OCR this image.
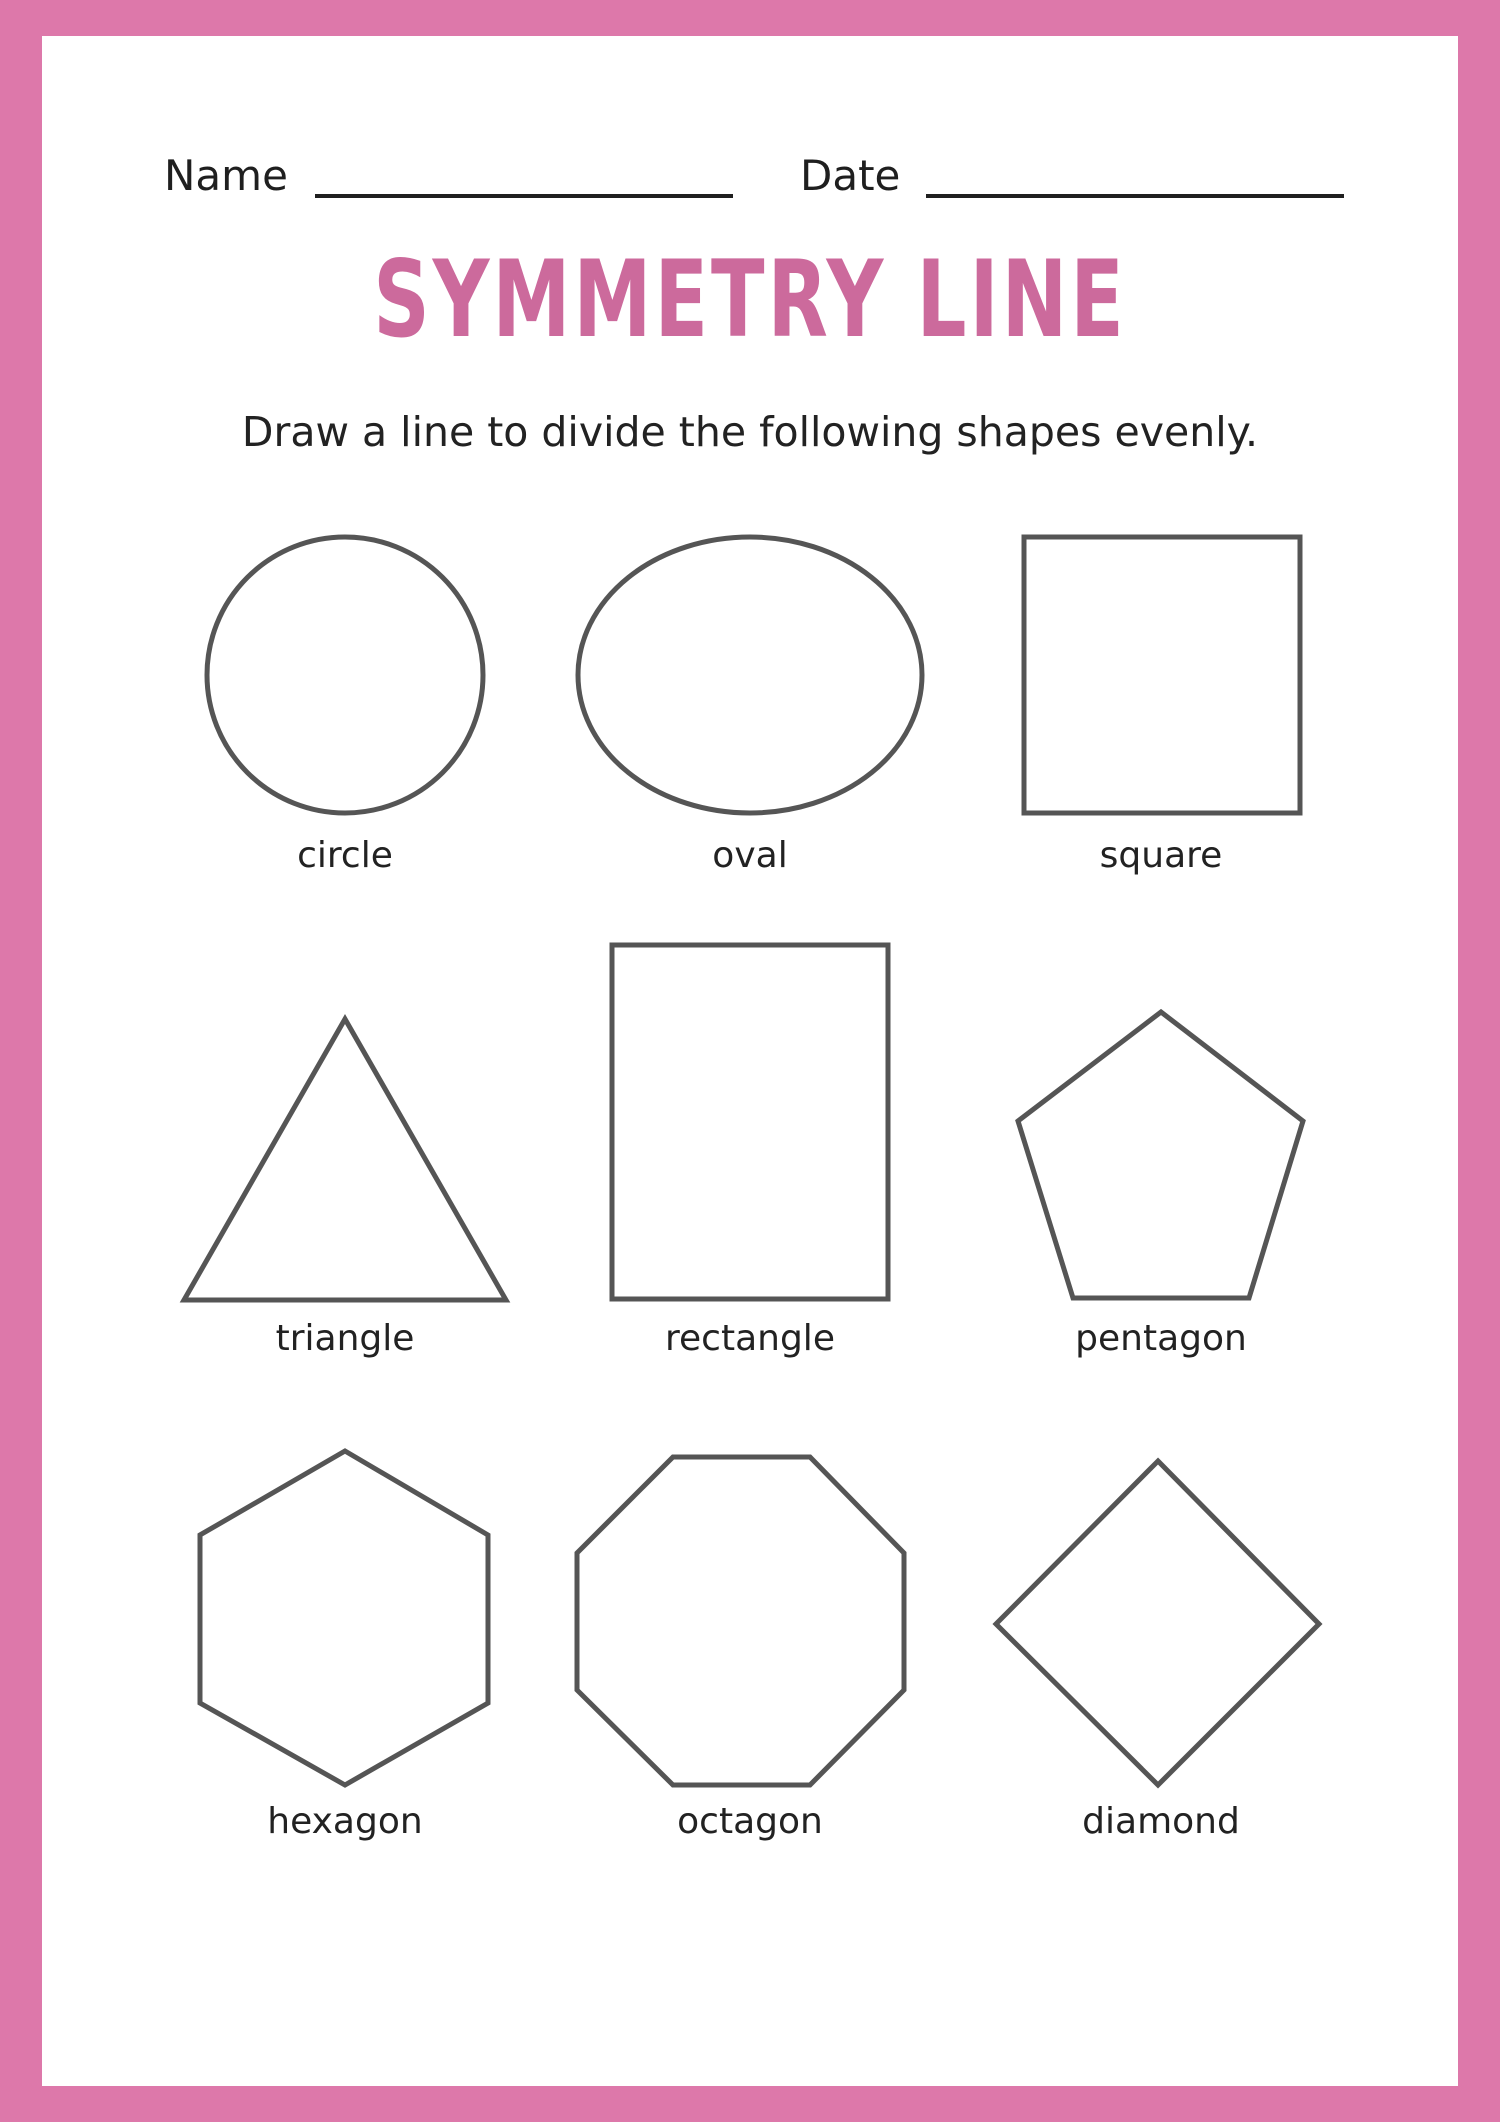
Name	Date
SYMMETRY LINE
Draw a line to divide the following shapes evenly.
circle	oval	square
triangle	rectangle	pentagon
hexagon	octagon	diamond
